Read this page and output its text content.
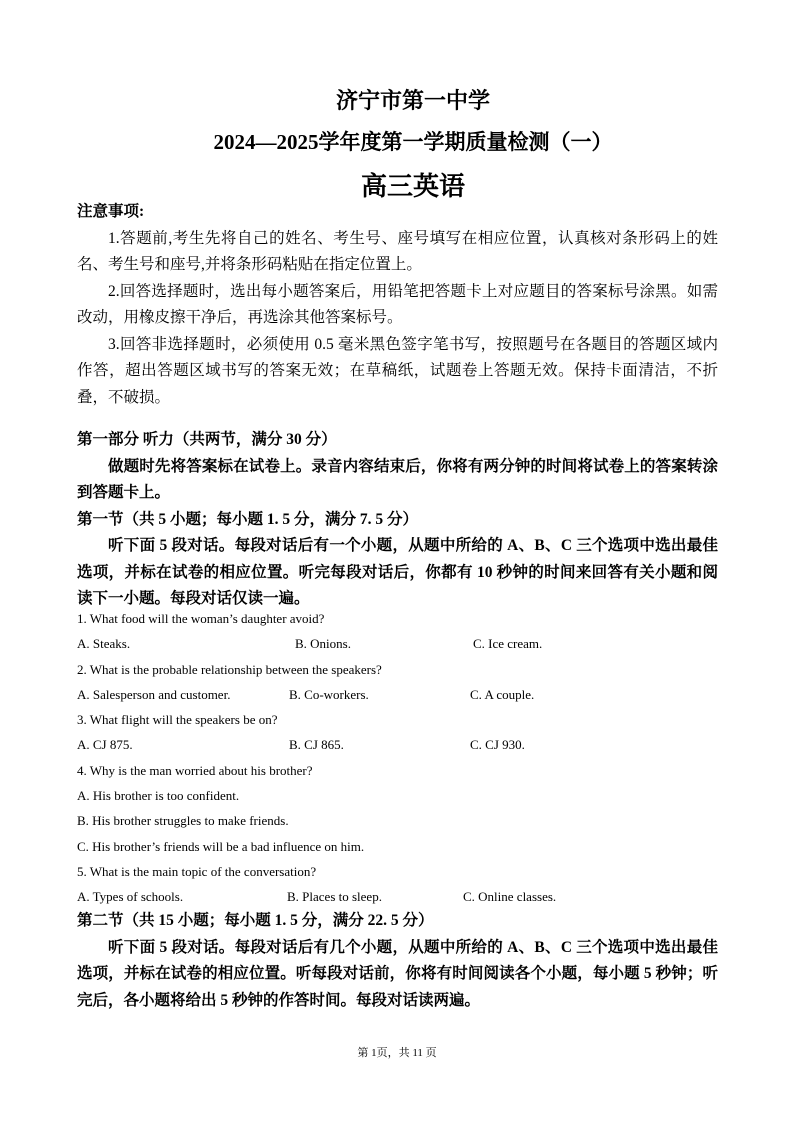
济宁市第一中学
2024—2025学年度第一学期质量检测（一）
高三英语
注意事项:
1.答题前,考生先将自己的姓名、考生号、座号填写在相应位置，认真核对条形码上的姓名、考生号和座号,并将条形码粘贴在指定位置上。
2.回答选择题时，选出每小题答案后，用铅笔把答题卡上对应题目的答案标号涂黑。如需改动，用橡皮擦干净后，再选涂其他答案标号。
3.回答非选择题时，必须使用 0.5 毫米黑色签字笔书写，按照题号在各题目的答题区域内作答，超出答题区域书写的答案无效；在草稿纸，试题卷上答题无效。保持卡面清洁，不折叠，不破损。
第一部分 听力（共两节，满分 30 分）
做题时先将答案标在试卷上。录音内容结束后，你将有两分钟的时间将试卷上的答案转涂到答题卡上。
第一节（共 5 小题；每小题 1. 5 分，满分 7. 5 分）
听下面 5 段对话。每段对话后有一个小题，从题中所给的 A、B、C 三个选项中选出最佳选项，并标在试卷的相应位置。听完每段对话后，你都有 10 秒钟的时间来回答有关小题和阅读下一小题。每段对话仅读一遍。
1. What food will the woman’s daughter avoid?
A. Steaks.	B. Onions.	C. Ice cream.
2. What is the probable relationship between the speakers?
A. Salesperson and customer.	B. Co-workers.	C. A couple.
3. What flight will the speakers be on?
A. CJ 875.	B. CJ 865.	C. CJ 930.
4. Why is the man worried about his brother?
A. His brother is too confident.
B. His brother struggles to make friends.
C. His brother’s friends will be a bad influence on him.
5. What is the main topic of the conversation?
A. Types of schools.	B. Places to sleep.	C. Online classes.
第二节（共 15 小题；每小题 1. 5 分，满分 22. 5 分）
听下面 5 段对话。每段对话后有几个小题，从题中所给的 A、B、C 三个选项中选出最佳选项，并标在试卷的相应位置。听每段对话前，你将有时间阅读各个小题，每小题 5 秒钟；听完后，各小题将给出 5 秒钟的作答时间。每段对话读两遍。
第 1页，共 11 页
